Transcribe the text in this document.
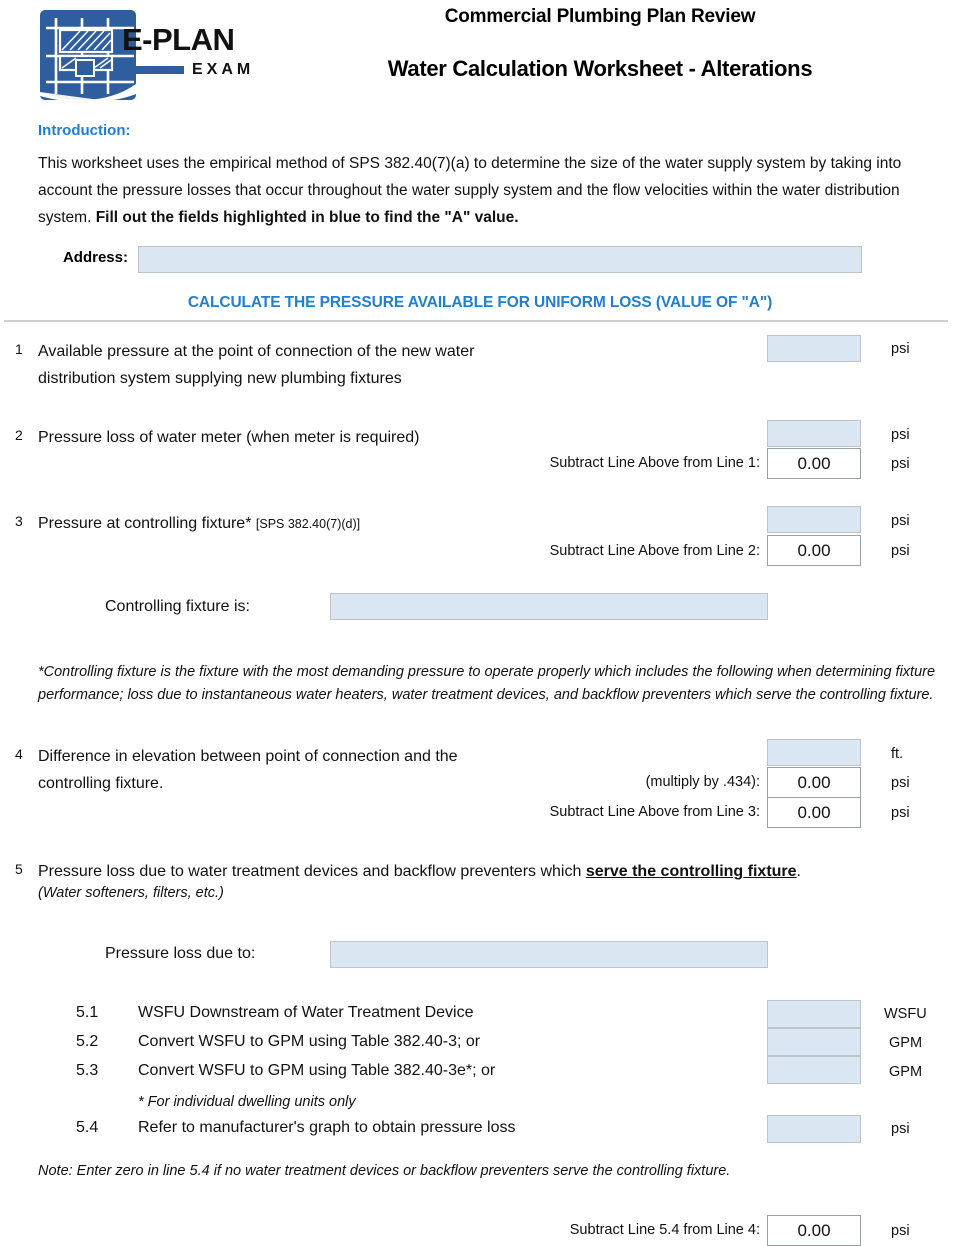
E-PLAN
EXAM
Commercial Plumbing Plan Review
Water Calculation Worksheet - Alterations
Introduction:
This worksheet uses the empirical method of SPS 382.40(7)(a) to determine the size of the water supply system by taking into account the pressure losses that occur throughout the water supply system and the flow velocities within the water distribution system. Fill out the fields highlighted in blue to find the "A" value.
Address:
CALCULATE THE PRESSURE AVAILABLE FOR UNIFORM LOSS (VALUE OF "A")
1 Available pressure at the point of connection of the new water
distribution system supplying new plumbing fixtures
psi
2 Pressure loss of water meter (when meter is required)	psi
Subtract Line Above from Line 1:	0.00	psi
3 Pressure at controlling fixture* [SPS 382.40(7)(d)]	psi
Subtract Line Above from Line 2:	0.00	psi
Controlling fixture is:
*Controlling fixture is the fixture with the most demanding pressure to operate properly which includes the following when determining fixture performance; loss due to instantaneous water heaters, water treatment devices, and backflow preventers which serve the controlling fixture.
4 Difference in elevation between point of connection and the
controlling fixture.
ft.
(multiply by .434):	0.00	psi
Subtract Line Above from Line 3:	0.00	psi
5 Pressure loss due to water treatment devices and backflow preventers which serve the controlling fixture.
(Water softeners, filters, etc.)
Pressure loss due to:
5.1 WSFU Downstream of Water Treatment Device	WSFU
5.2 Convert WSFU to GPM using Table 382.40-3; or	GPM
5.3 Convert WSFU to GPM using Table 382.40-3e*; or	GPM
* For individual dwelling units only
5.4 Refer to manufacturer's graph to obtain pressure loss	psi
Note: Enter zero in line 5.4 if no water treatment devices or backflow preventers serve the controlling fixture.
Subtract Line 5.4 from Line 4:	0.00	psi
